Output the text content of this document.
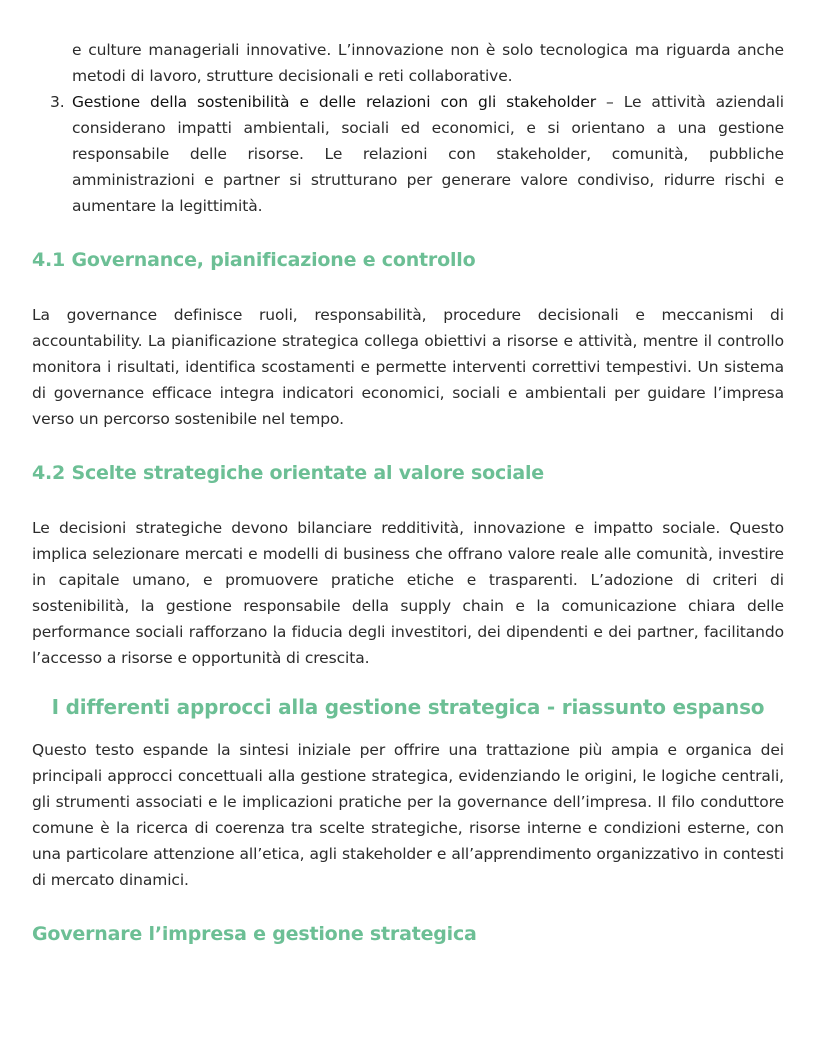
e culture manageriali innovative. L’innovazione non è solo tecnologica ma riguarda anche metodi di lavoro, strutture decisionali e reti collaborative.

3. Gestione della sostenibilità e delle relazioni con gli stakeholder – Le attività aziendali considerano impatti ambientali, sociali ed economici, e si orientano a una gestione responsabile delle risorse. Le relazioni con stakeholder, comunità, pubbliche amministrazioni e partner si strutturano per generare valore condiviso, ridurre rischi e aumentare la legittimità.
4.1 Governance, pianificazione e controllo

La governance definisce ruoli, responsabilità, procedure decisionali e meccanismi di accountability. La pianificazione strategica collega obiettivi a risorse e attività, mentre il controllo monitora i risultati, identifica scostamenti e permette interventi correttivi tempestivi. Un sistema di governance efficace integra indicatori economici, sociali e ambientali per guidare l’impresa verso un percorso sostenibile nel tempo.

4.2 Scelte strategiche orientate al valore sociale

Le decisioni strategiche devono bilanciare redditività, innovazione e impatto sociale. Questo implica selezionare mercati e modelli di business che offrano valore reale alle comunità, investire in capitale umano, e promuovere pratiche etiche e trasparenti. L’adozione di criteri di sostenibilità, la gestione responsabile della supply chain e la comunicazione chiara delle performance sociali rafforzano la fiducia degli investitori, dei dipendenti e dei partner, facilitando l’accesso a risorse e opportunità di crescita.

I differenti approcci alla gestione strategica - riassunto espanso

Questo testo espande la sintesi iniziale per offrire una trattazione più ampia e organica dei principali approcci concettuali alla gestione strategica, evidenziando le origini, le logiche centrali, gli strumenti associati e le implicazioni pratiche per la governance dell’impresa. Il filo conduttore comune è la ricerca di coerenza tra scelte strategiche, risorse interne e condizioni esterne, con una particolare attenzione all’etica, agli stakeholder e all’apprendimento organizzativo in contesti di mercato dinamici.

Governare l’impresa e gestione strategica
